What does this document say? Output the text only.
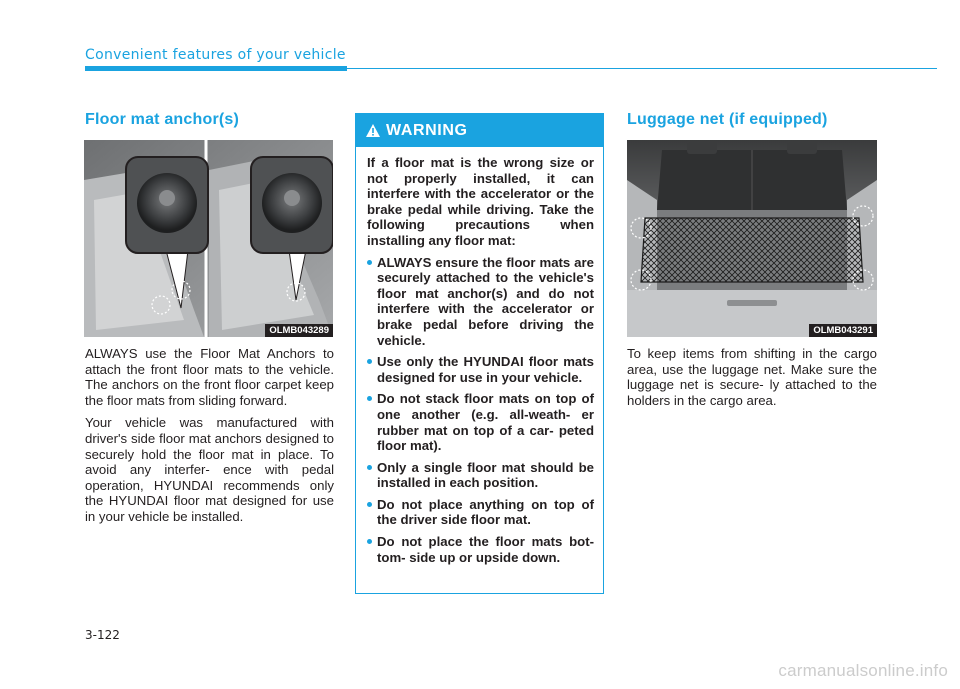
Convenient features of your vehicle
Floor mat anchor(s)
OLMB043289

ALWAYS use the Floor Mat Anchors to attach the front floor mats to the vehicle. The anchors on the front floor carpet keep the floor mats from sliding forward.

Your vehicle was manufactured with driver's side floor mat anchors designed to securely hold the floor mat in place. To avoid any interfer- ence with pedal operation, HYUNDAI recommends only the HYUNDAI floor mat designed for use in your vehicle be installed.

WARNING

If a floor mat is the wrong size or not properly installed, it can interfere with the accelerator or the brake pedal while driving. Take the following precautions when installing any floor mat:

ALWAYS ensure the floor mats are securely attached to the vehicle's floor mat anchor(s) and do not interfere with the accelerator or brake pedal before driving the vehicle.
Use only the HYUNDAI floor mats designed for use in your vehicle.
Do not stack floor mats on top of one another (e.g. all-weath- er rubber mat on top of a car- peted floor mat).
Only a single floor mat should be installed in each position.
Do not place anything on top of the driver side floor mat.
Do not place the floor mats bot- tom- side up or upside down.
Luggage net (if equipped)
OLMB043291

To keep items from shifting in the cargo area, use the luggage net. Make sure the luggage net is secure- ly attached to the holders in the cargo area.

3-122
carmanualsonline.info
